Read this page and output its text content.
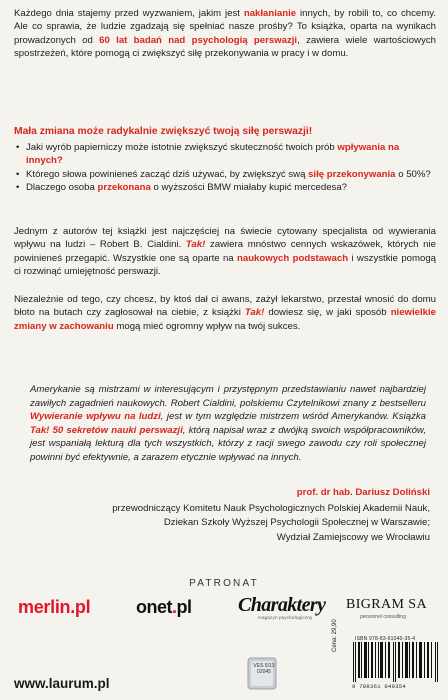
Każdego dnia stajemy przed wyzwaniem, jakim jest nakłanianie innych, by robili to, co chcemy. Ale co sprawia, że ludzie zgadzają się spełniać nasze prośby? To książka, oparta na wynikach prowadzonych od 60 lat badań nad psychologią perswazji, zawiera wiele wartościowych spostrzeżeń, które pomogą ci zwiększyć siłę przekonywania w pracy i w domu.
Mała zmiana może radykalnie zwiększyć twoją siłę perswazji!
• Jaki wyrób papierniczy może istotnie zwiększyć skuteczność twoich prób wpływania na innych?
• Którego słowa powinieneś zacząć dziś używać, by zwiększyć swą siłę przekonywania o 50%?
• Dlaczego osoba przekonana o wyższości BMW miałaby kupić mercedesa?
Jednym z autorów tej książki jest najczęściej na świecie cytowany specjalista od wywierania wpływu na ludzi – Robert B. Cialdini. Tak! zawiera mnóstwo cennych wskazówek, których nie powinieneś przegapić. Wszystkie one są oparte na naukowych podstawach i wszystkie pomogą ci rozwinąć umiejętność perswazji.
Niezależnie od tego, czy chcesz, by ktoś dał ci awans, zażył lekarstwo, przestał wnosić do domu błoto na butach czy zagłosował na ciebie, z książki Tak! dowiesz się, w jaki sposób niewielkie zmiany w zachowaniu mogą mieć ogromny wpływ na twój sukces.
Amerykanie są mistrzami w interesującym i przystępnym przedstawianiu nawet najbardziej zawiłych zagadnień naukowych. Robert Cialdini, polskiemu Czytelnikowi znany z bestselleru Wywieranie wpływu na ludzi, jest w tym względzie mistrzem wśród Amerykanów. Książka Tak! 50 sekretów nauki perswazji, którą napisał wraz z dwójką swoich współpracowników, jest wspaniałą lekturą dla tych wszystkich, którzy z racji swego zawodu czy roli społecznej powinni być efektywnie, a zarazem etycznie wpływać na innych.
prof. dr hab. Dariusz Doliński
przewodniczący Komitetu Nauk Psychologicznych Polskiej Akademii Nauk,
Dziekan Szkoły Wyższej Psychologii Społecznej w Warszawie;
Wydział Zamiejscowy we Wrocławiu
PATRONAT
merlin.pl	onet.pl Charaktery
magazyn psychologiczny
BIGRAM SA
personnel consulting
VES 5/13 02045
Cena: 29,90	ISBN 978-83-61040-35-4
9 788361 040354
www.laurum.pl
